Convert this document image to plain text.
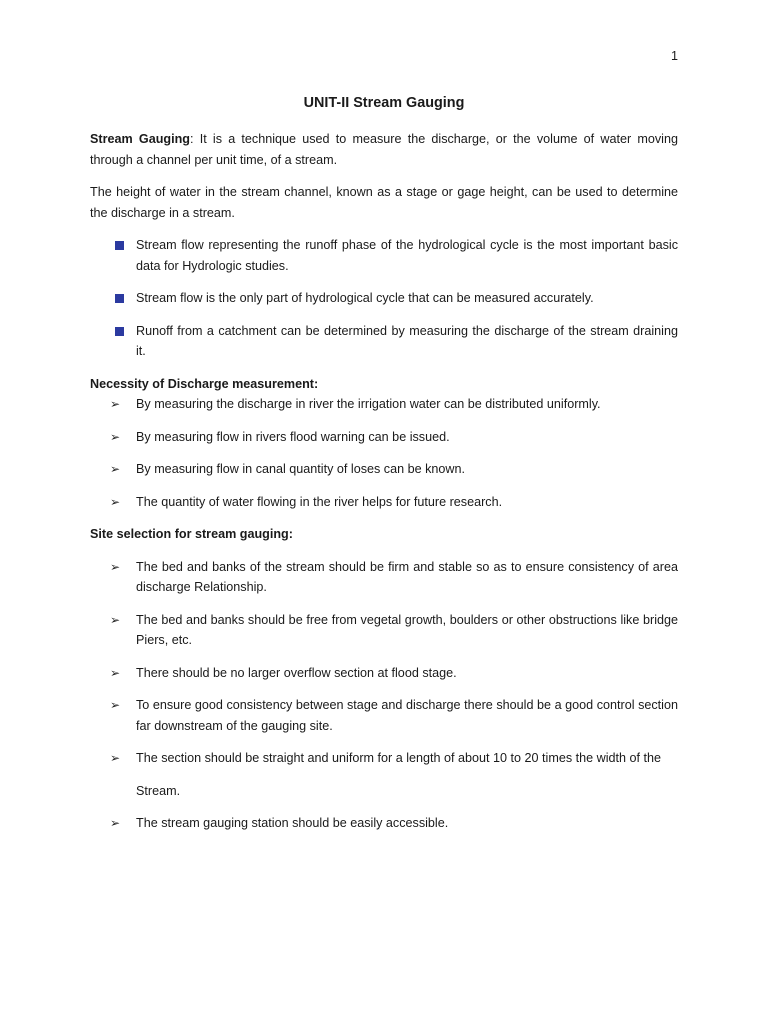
1
UNIT-II Stream Gauging

Stream Gauging: It is a technique used to measure the discharge, or the volume of water moving through a channel per unit time, of a stream.

The height of water in the stream channel, known as a stage or gage height, can be used to determine the discharge in a stream.

Stream flow representing the runoff phase of the hydrological cycle is the most important basic data for Hydrologic studies.
Stream flow is the only part of hydrological cycle that can be measured accurately.
Runoff from a catchment can be determined by measuring the discharge of the stream draining it.

Necessity of Discharge measurement:

➢ By measuring the discharge in river the irrigation water can be distributed uniformly.
➢ By measuring flow in rivers flood warning can be issued.
➢ By measuring flow in canal quantity of loses can be known.
➢ The quantity of water flowing in the river helps for future research.

Site selection for stream gauging:

➢ The bed and banks of the stream should be firm and stable so as to ensure consistency of area discharge Relationship.
➢ The bed and banks should be free from vegetal growth, boulders or other obstructions like bridge Piers, etc.
➢ There should be no larger overflow section at flood stage.
➢ To ensure good consistency between stage and discharge there should be a good control section far downstream of the gauging site.
➢ The section should be straight and uniform for a length of about 10 to 20 times the width of the
Stream.
➢ The stream gauging station should be easily accessible.
